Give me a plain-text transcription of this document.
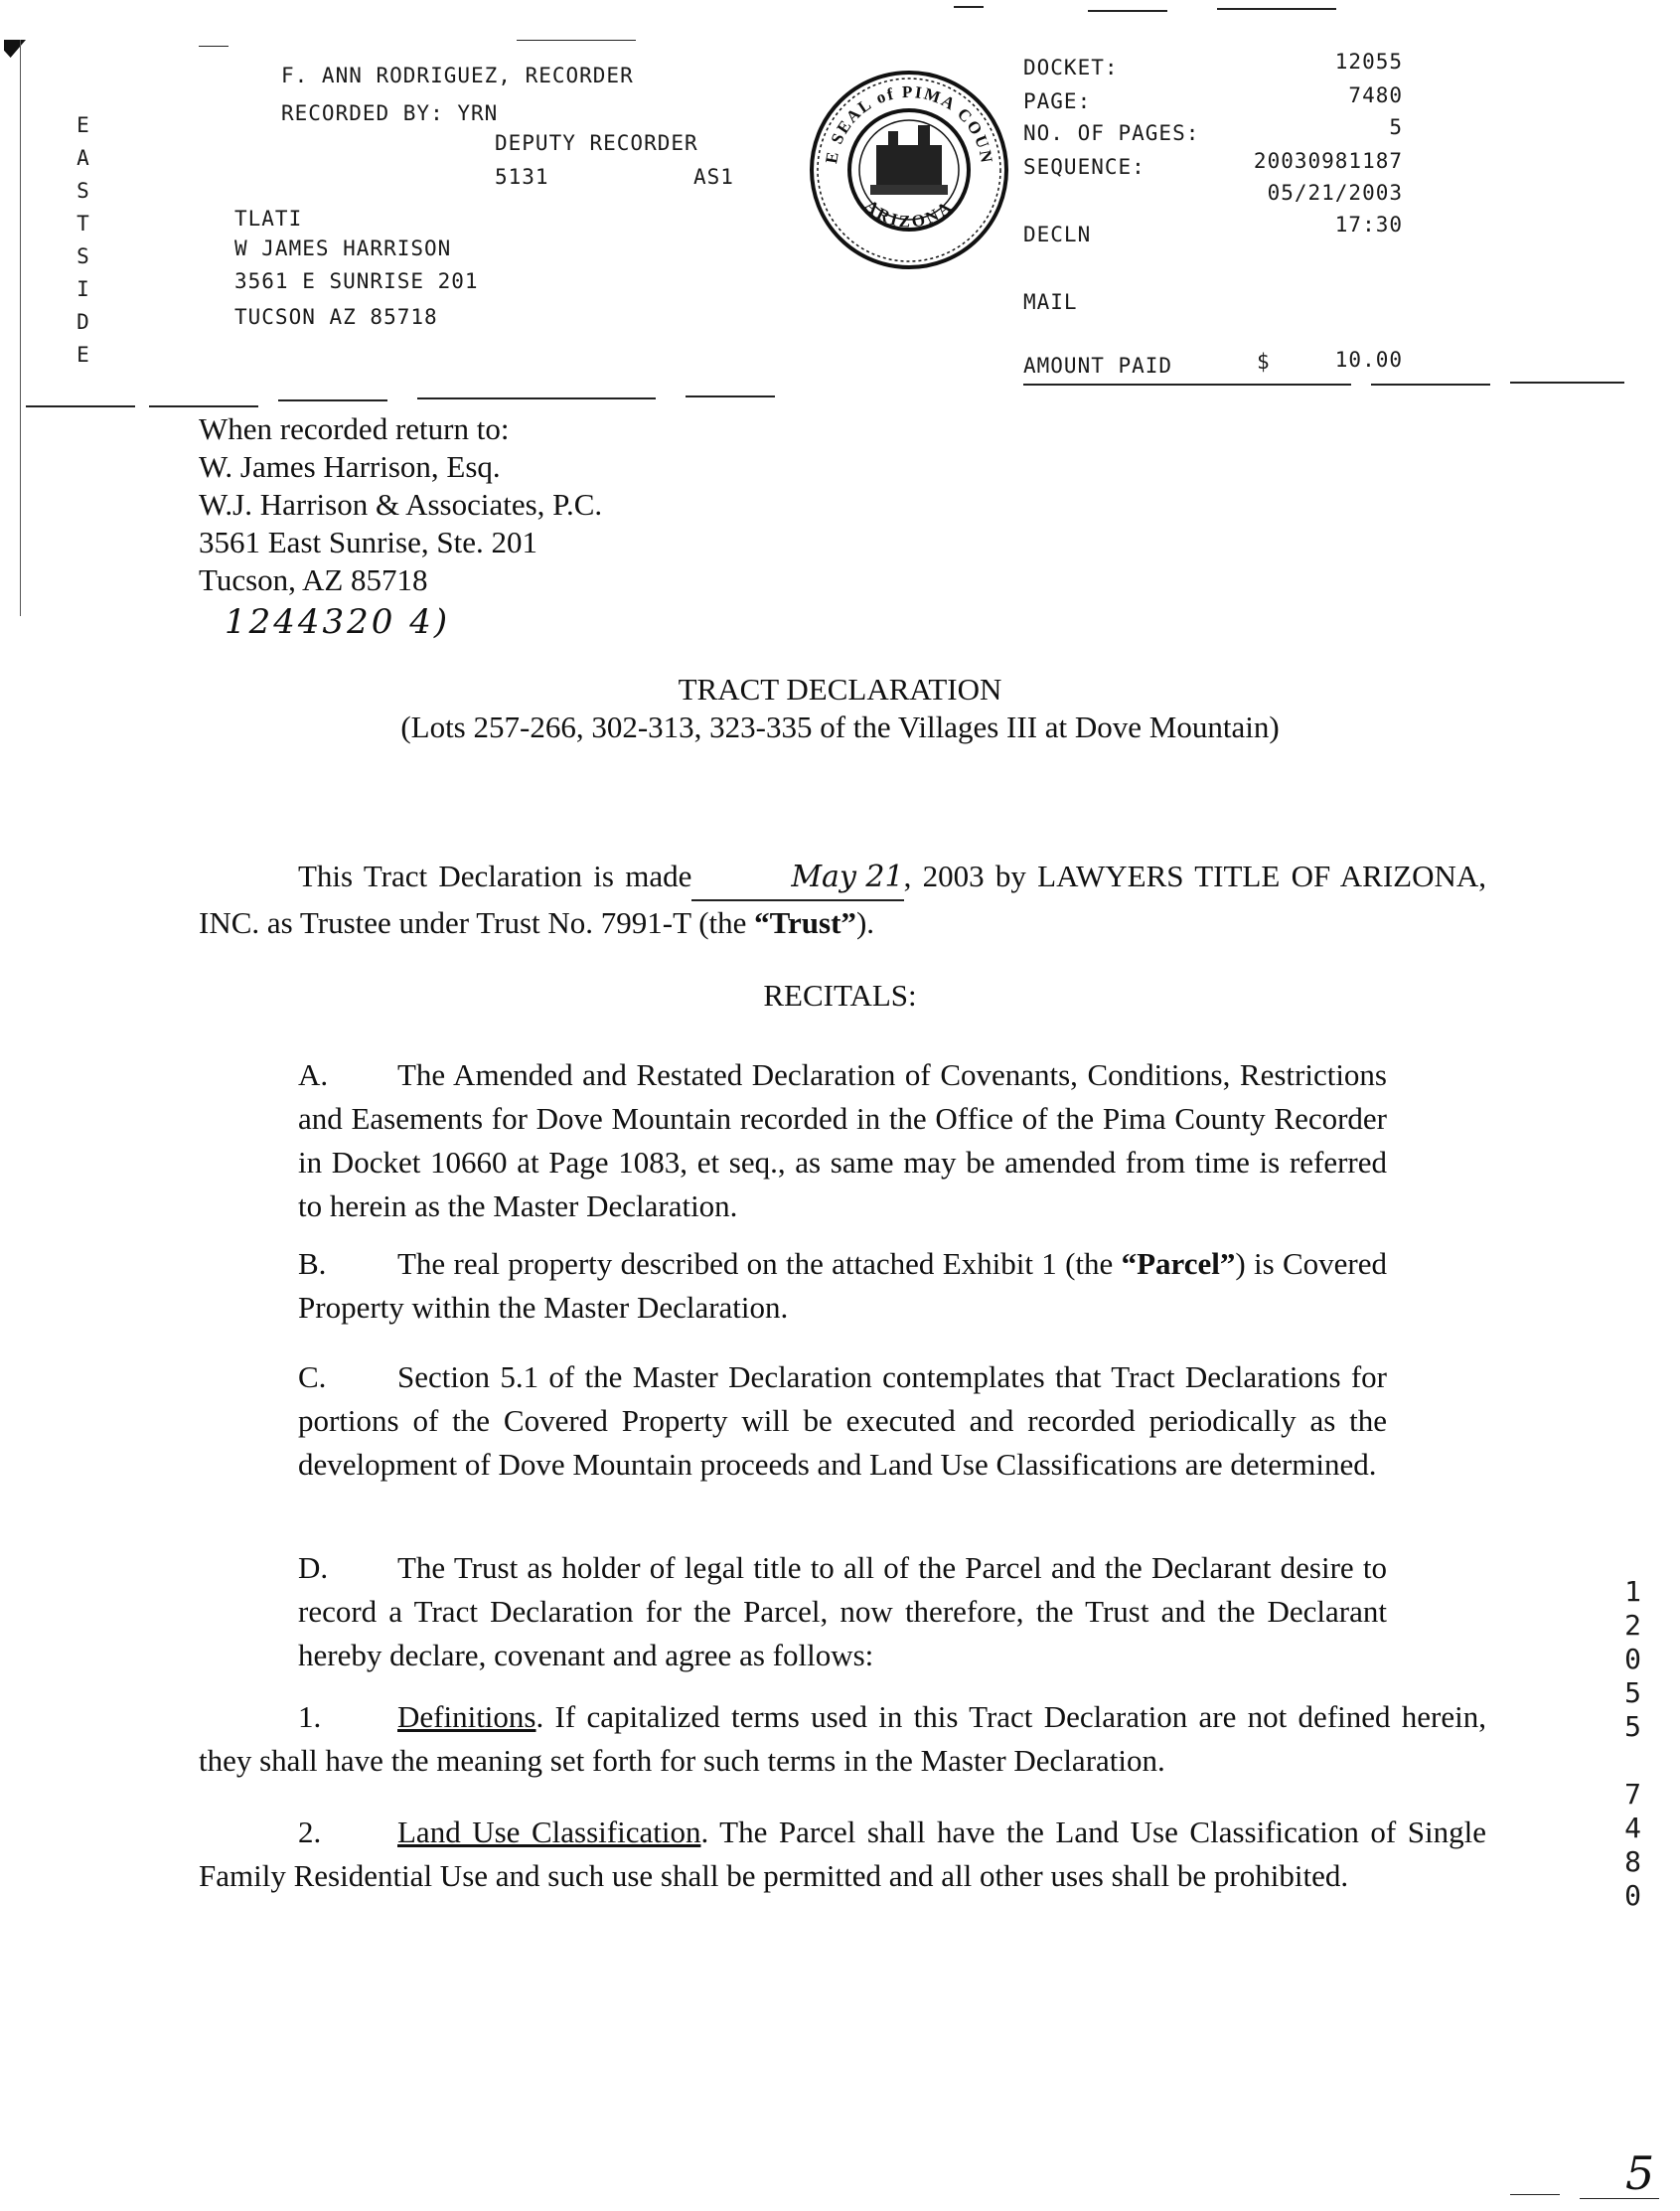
E
A
S
T
S
I
D
E
F. ANN RODRIGUEZ, RECORDER
RECORDED BY: YRN
DEPUTY RECORDER
5131	AS1
TLATI
W JAMES HARRISON
3561 E SUNRISE 201
TUCSON AZ 85718
E SEAL of PIMA COUN
ARIZONA
DOCKET:	12055
PAGE:	7480
NO. OF PAGES:	5
SEQUENCE:	20030981187
05/21/2003
DECLN	17:30
MAIL
AMOUNT PAID	$	10.00
When recorded return to:
W. James Harrison, Esq.
W.J. Harrison & Associates, P.C.
3561 East Sunrise, Ste. 201
Tucson, AZ 85718
1244320 4)
TRACT DECLARATION
(Lots 257-266, 302-313, 323-335 of the Villages III at Dove Mountain)
This Tract Declaration is made	May 21, 2003 by LAWYERS TITLE OF ARIZONA, INC. as Trustee under Trust No. 7991-T (the “Trust”).
RECITALS:
A. The Amended and Restated Declaration of Covenants, Conditions, Restrictions and Easements for Dove Mountain recorded in the Office of the Pima County Recorder in Docket 10660 at Page 1083, et seq., as same may be amended from time is referred to herein as the Master Declaration.
B. The real property described on the attached Exhibit 1 (the “Parcel”) is Covered Property within the Master Declaration.
C. Section 5.1 of the Master Declaration contemplates that Tract Declarations for portions of the Covered Property will be executed and recorded periodically as the development of Dove Mountain proceeds and Land Use Classifications are determined.
D. The Trust as holder of legal title to all of the Parcel and the Declarant desire to record a Tract Declaration for the Parcel, now therefore, the Trust and the Declarant hereby declare, covenant and agree as follows:
1. Definitions. If capitalized terms used in this Tract Declaration are not defined herein, they shall have the meaning set forth for such terms in the Master Declaration.
2. Land Use Classification. The Parcel shall have the Land Use Classification of Single Family Residential Use and such use shall be permitted and all other uses shall be prohibited.
1
2
0
5
5
7
4
8
0
5
